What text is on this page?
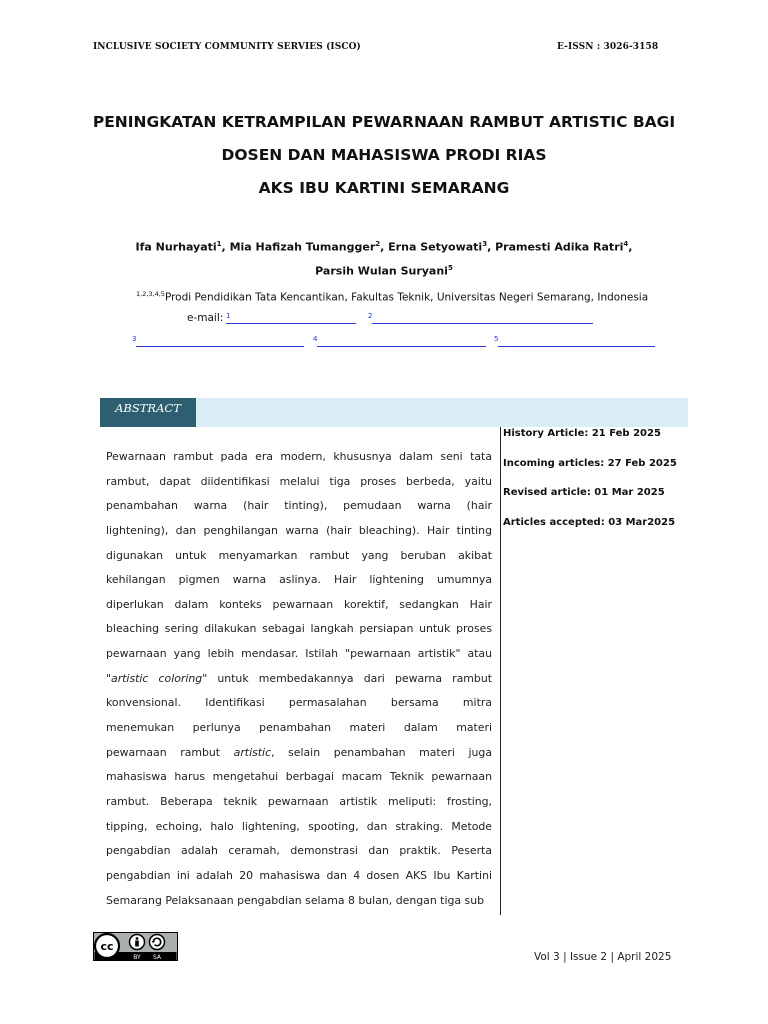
INCLUSIVE SOCIETY COMMUNITY SERVIES (ISCO)	E-ISSN : 3026-3158
PENINGKATAN KETRAMPILAN PEWARNAAN RAMBUT ARTISTIC BAGI
DOSEN DAN MAHASISWA PRODI RIAS
AKS IBU KARTINI SEMARANG
Ifa Nurhayati$^1$, Mia Hafizah Tumangger$^2$, Erna Setyowati$^3$, Pramesti Adika Ratri$^4$,
Parsih Wulan Suryani$^5$
$^{1,2,3,4,5}$Prodi Pendidikan Tata Kencantikan, Fakultas Teknik, Universitas Negeri Semarang, Indonesia
e-mail: 1	2
3	4	5
ABSTRACT
History Article: 21 Feb 2025
Incoming articles: 27 Feb 2025
Revised article: 01 Mar 2025
Articles accepted: 03 Mar2025
Pewarnaan rambut pada era modern, khususnya dalam seni tata
rambut, dapat diidentifikasi melalui tiga proses berbeda, yaitu
penambahan warna (hair tinting), pemudaan warna (hair
lightening), dan penghilangan warna (hair bleaching). Hair tinting
digunakan untuk menyamarkan rambut yang beruban akibat
kehilangan pigmen warna aslinya. Hair lightening umumnya
diperlukan dalam konteks pewarnaan korektif, sedangkan Hair
bleaching sering dilakukan sebagai langkah persiapan untuk proses
pewarnaan yang lebih mendasar. Istilah "pewarnaan artistik" atau
"artistic coloring" untuk membedakannya dari pewarna rambut
konvensional. Identifikasi permasalahan bersama mitra
menemukan perlunya penambahan materi dalam materi
pewarnaan rambut artistic, selain penambahan materi juga
mahasiswa harus mengetahui berbagai macam Teknik pewarnaan
rambut. Beberapa teknik pewarnaan artistik meliputi: frosting,
tipping, echoing, halo lightening, spooting, dan straking. Metode
pengabdian adalah ceramah, demonstrasi dan praktik. Peserta
pengabdian ini adalah 20 mahasiswa dan 4 dosen AKS Ibu Kartini
Semarang Pelaksanaan pengabdian selama 8 bulan, dengan tiga sub
cc
BY SA	Vol 3 | Issue 2 | April 2025
